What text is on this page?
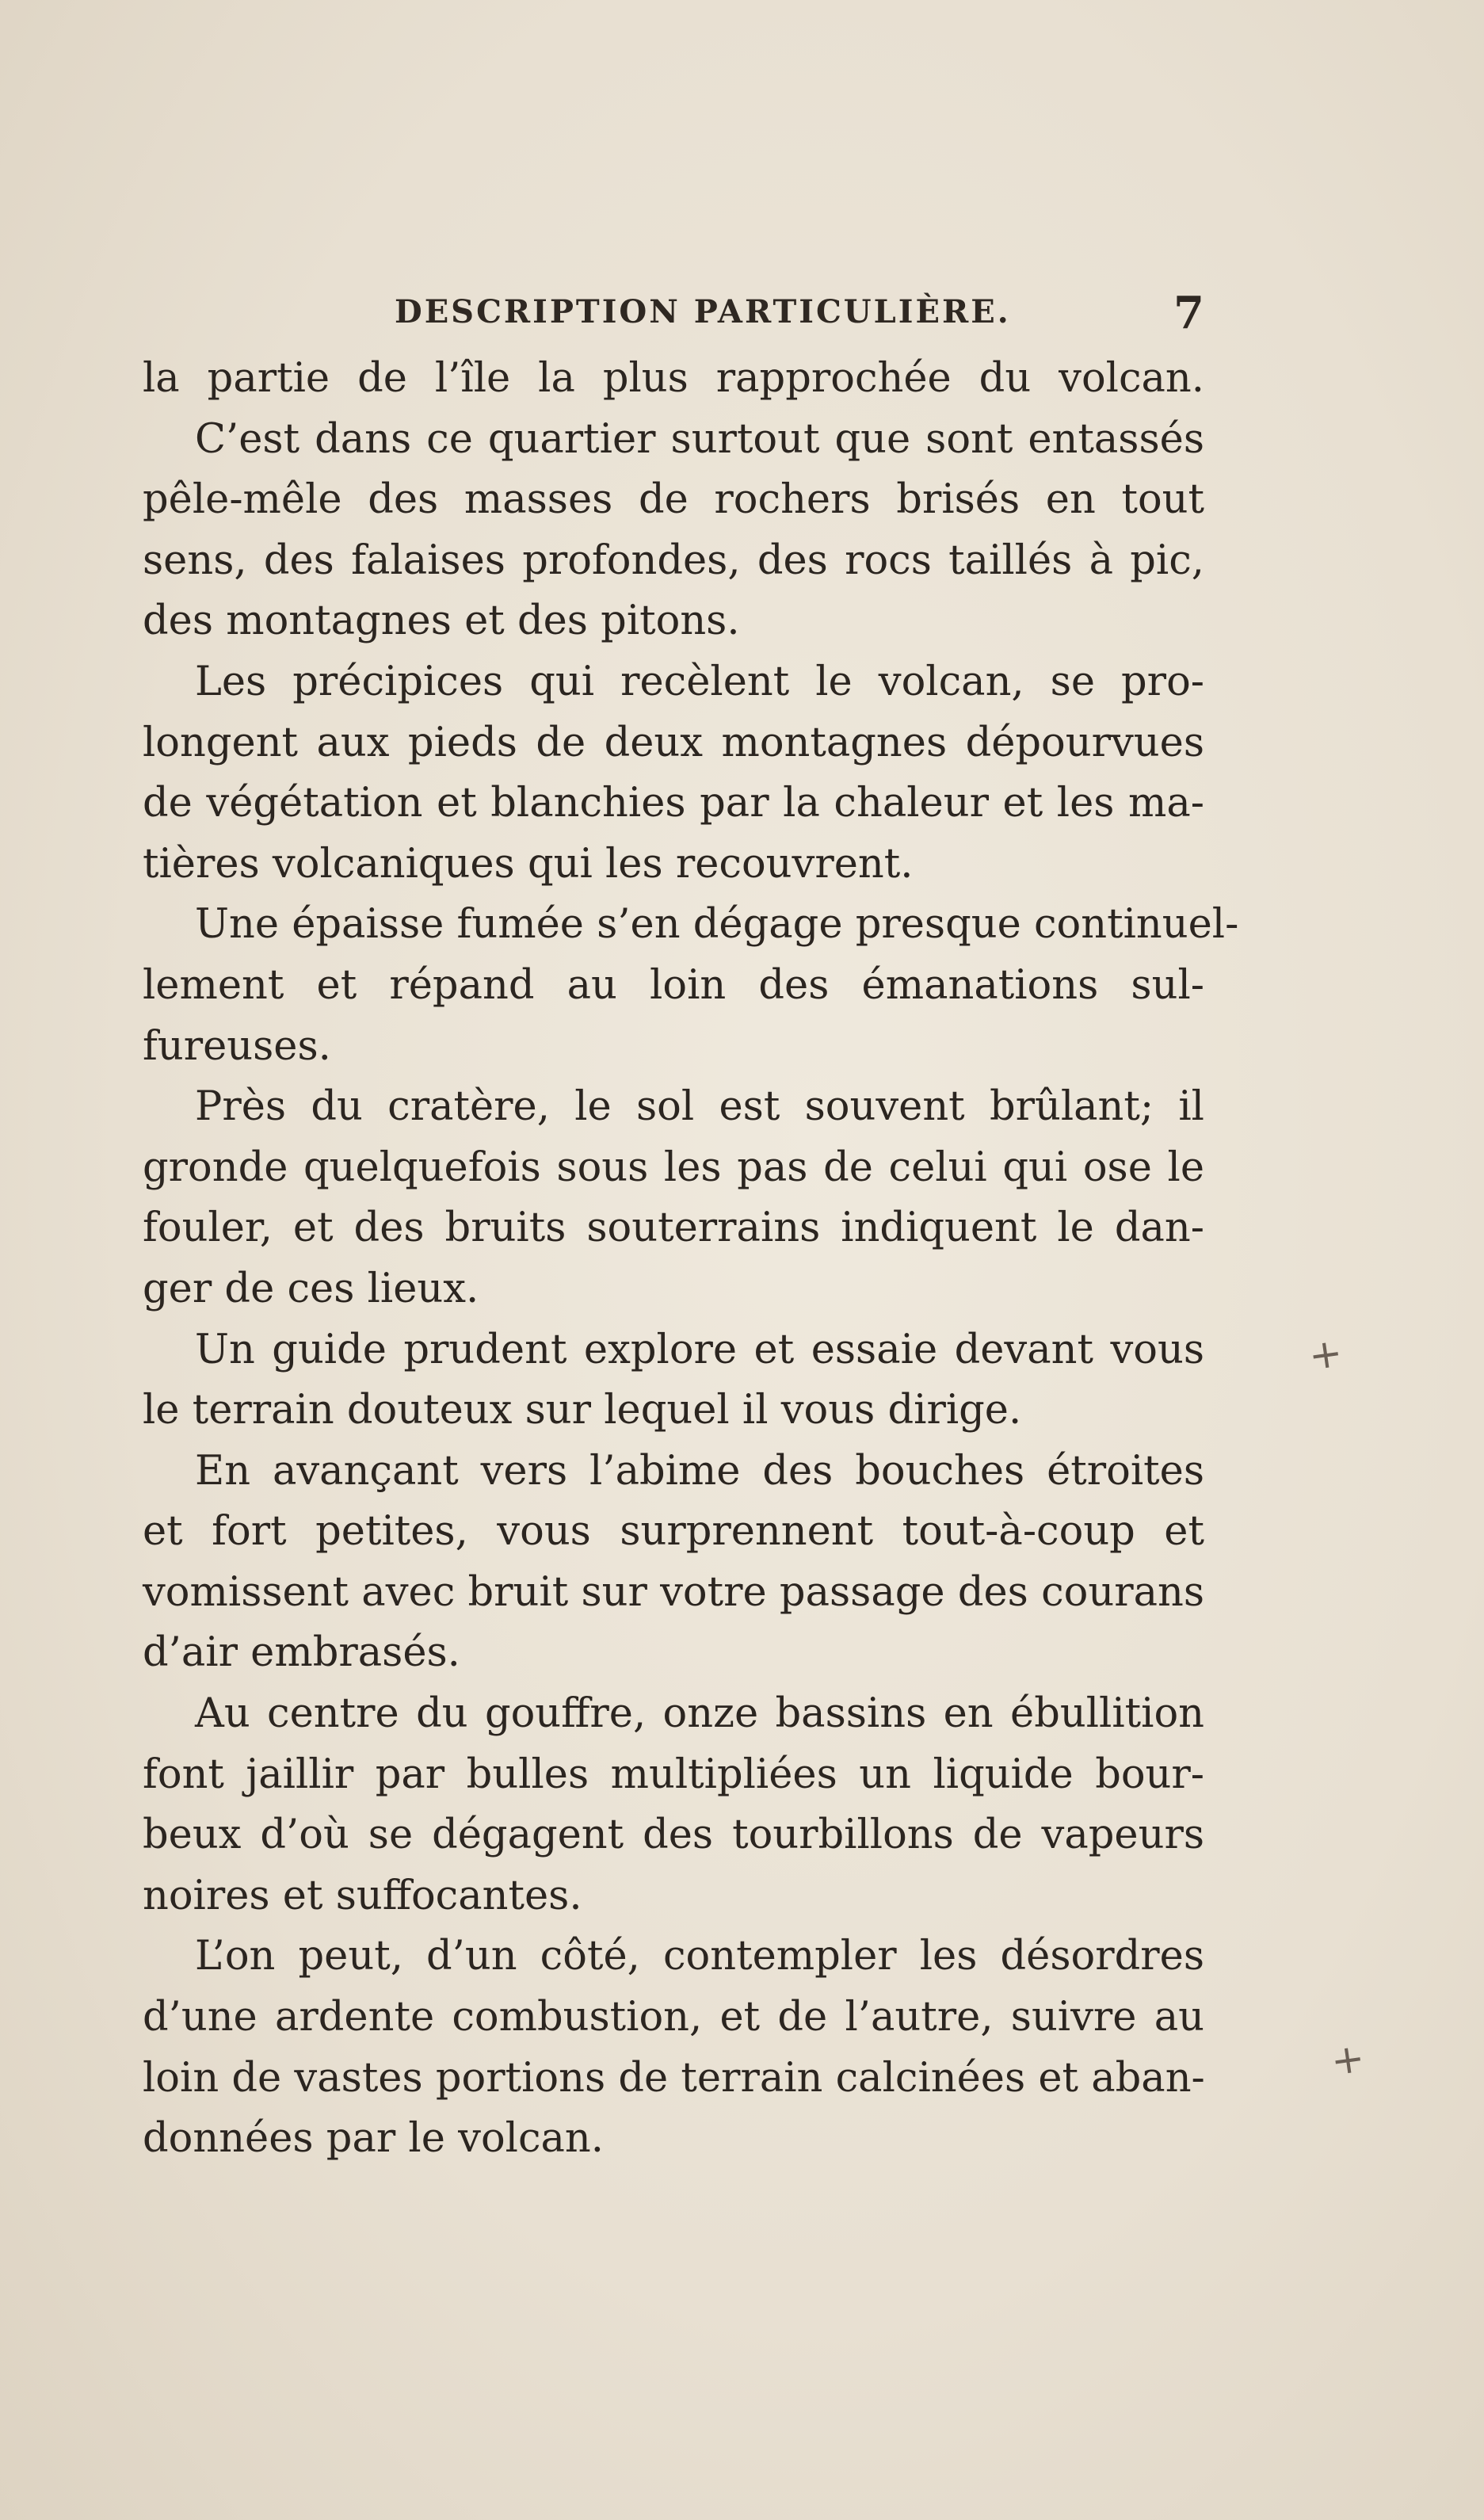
DESCRIPTION PARTICULIÈRE.	7
la partie de l’île la plus rapprochée du volcan.
C’est dans ce quartier surtout que sont entassés
pêle-mêle des masses de rochers brisés en tout
sens, des falaises profondes, des rocs taillés à pic,
des montagnes et des pitons.
Les précipices qui recèlent le volcan, se pro-
longent aux pieds de deux montagnes dépourvues
de végétation et blanchies par la chaleur et les ma-
tières volcaniques qui les recouvrent.
Une épaisse fumée s’en dégage presque continuel-
lement et répand au loin des émanations sul-
fureuses.
Près du cratère, le sol est souvent brûlant; il
gronde quelquefois sous les pas de celui qui ose le
fouler, et des bruits souterrains indiquent le dan-
ger de ces lieux.
Un guide prudent explore et essaie devant vous
le terrain douteux sur lequel il vous dirige.
En avançant vers l’abime des bouches étroites
et fort petites, vous surprennent tout-à-coup et
vomissent avec bruit sur votre passage des courans
d’air embrasés.
Au centre du gouffre, onze bassins en ébullition
font jaillir par bulles multipliées un liquide bour-
beux d’où se dégagent des tourbillons de vapeurs
noires et suffocantes.
L’on peut, d’un côté, contempler les désordres
d’une ardente combustion, et de l’autre, suivre au
loin de vastes portions de terrain calcinées et aban-
données par le volcan.
+
+
